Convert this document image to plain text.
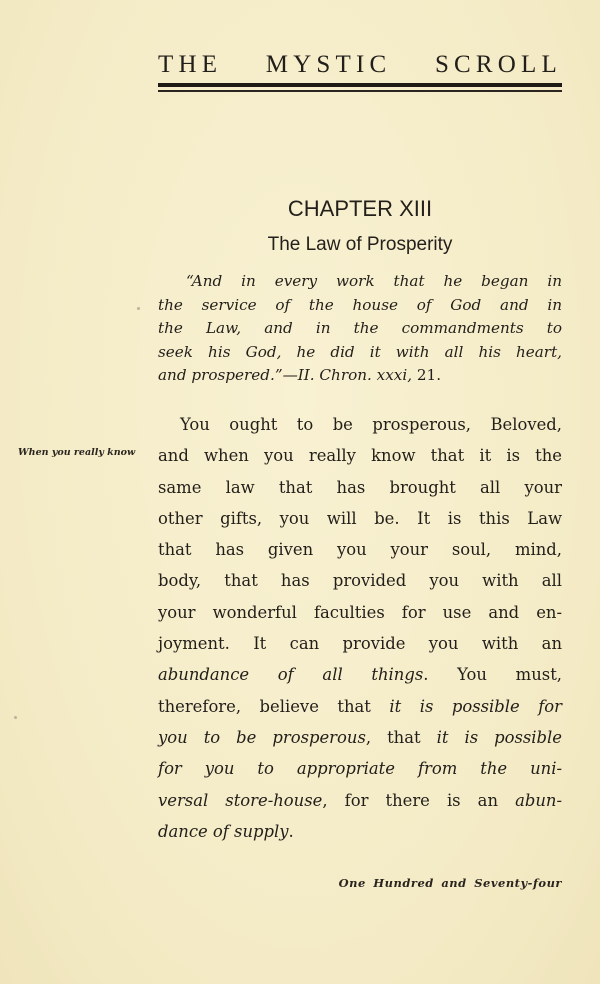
THE MYSTIC SCROLL
CHAPTER XIII
The Law of Prosperity
“And in every work that he began in
the service of the house of God and in
the Law, and in the commandments to
seek his God, he did it with all his heart,
and prospered.”—II. Chron. xxxi, 21.
When you really know
You ought to be prosperous, Beloved,
and when you really know that it is the
same law that has brought all your
other gifts, you will be. It is this Law
that has given you your soul, mind,
body, that has provided you with all
your wonderful faculties for use and en-
joyment. It can provide you with an
abundance of all things. You must,
therefore, believe that it is possible for
you to be prosperous, that it is possible
for you to appropriate from the uni-
versal store-house, for there is an abun-
dance of supply.
One Hundred and Seventy-four
